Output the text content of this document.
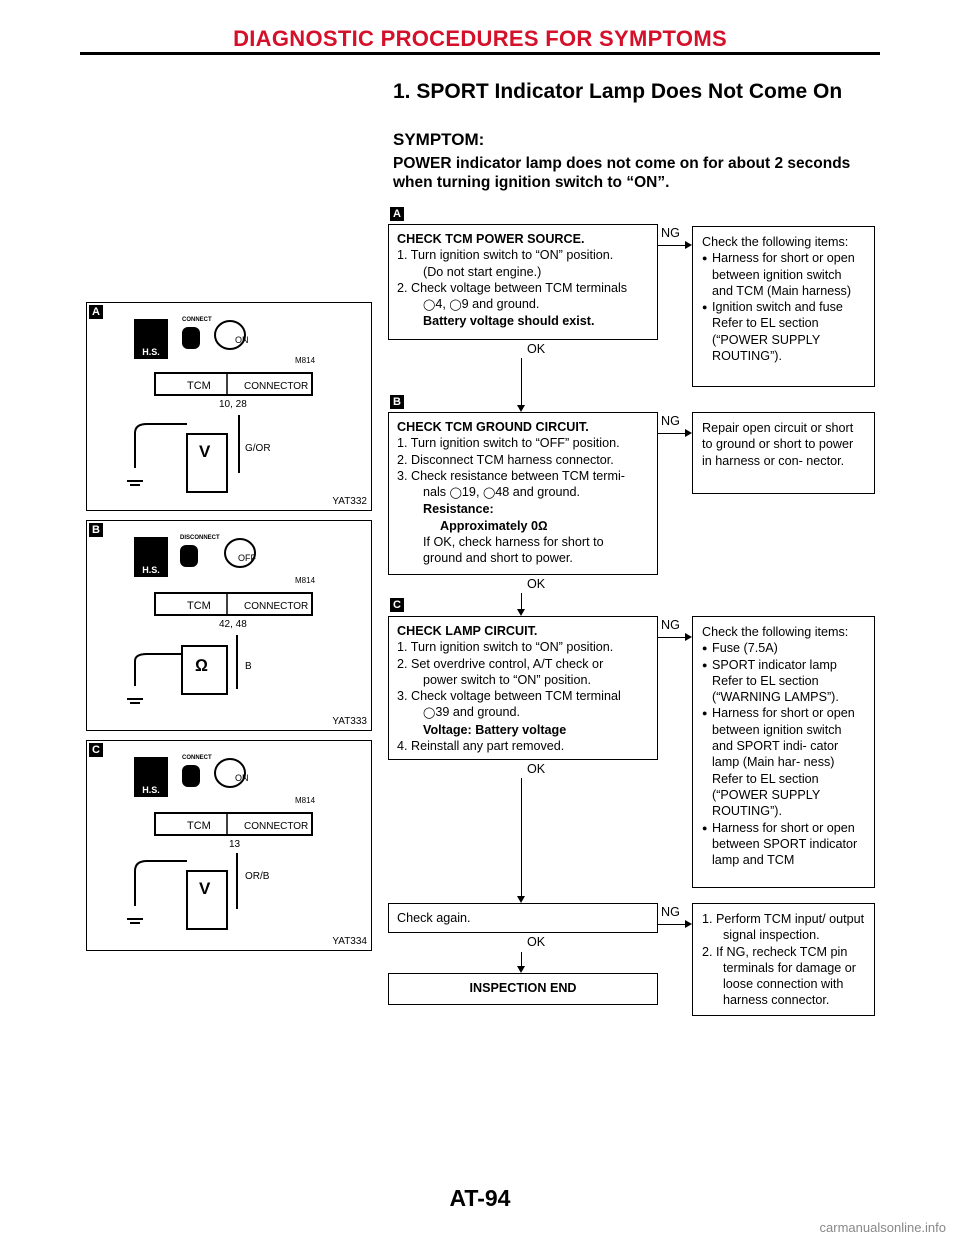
DIAGNOSTIC PROCEDURES FOR SYMPTOMS
1. SPORT Indicator Lamp Does Not Come On
SYMPTOM:
POWER indicator lamp does not come on for about 2 seconds when turning ignition switch to “ON”.
A
CHECK TCM POWER SOURCE.
1. Turn ignition switch to “ON” position.
(Do not start engine.)
2. Check voltage between TCM terminals
◯4, ◯9 and ground.
Battery voltage should exist.
OK
NG
Check the following items:
● Harness for short or open between ignition switch and TCM (Main harness)
● Ignition switch and fuse Refer to EL section (“POWER SUPPLY ROUTING”).
B
CHECK TCM GROUND CIRCUIT.
1. Turn ignition switch to “OFF” position.
2. Disconnect TCM harness connector.
3. Check resistance between TCM termi-
nals ◯19, ◯48 and ground.
Resistance:
Approximately 0Ω
If OK, check harness for short to
ground and short to power.
OK
NG Repair open circuit or short to ground or short to power in harness or con- nector.
C
CHECK LAMP CIRCUIT.
1. Turn ignition switch to “ON” position.
2. Set overdrive control, A/T check or
power switch to “ON” position.
3. Check voltage between TCM terminal
◯39 and ground.
Voltage: Battery voltage
4. Reinstall any part removed.
OK
NG Check the following items:
● Fuse (7.5A)
● SPORT indicator lamp Refer to EL section (“WARNING LAMPS”).
● Harness for short or open between ignition switch and SPORT indi- cator lamp (Main har- ness) Refer to EL section (“POWER SUPPLY ROUTING”).
● Harness for short or open between SPORT indicator lamp and TCM
Check again.
OK
NG 1. Perform TCM input/ output signal inspection.
2. If NG, recheck TCM pin terminals for damage or loose connection with harness connector.
INSPECTION END
A
H.S.
CONNECT
ON
M814
TCM	CONNECTOR
10, 28
V	G/OR
YAT332
B
H.S.
DISCONNECT
OFF
M814
TCM	CONNECTOR
42, 48
Ω	B
YAT333
C
H.S.
CONNECT
ON
M814
TCM	CONNECTOR
13
V
OR/B
YAT334
AT-94
carmanualsonline.info
